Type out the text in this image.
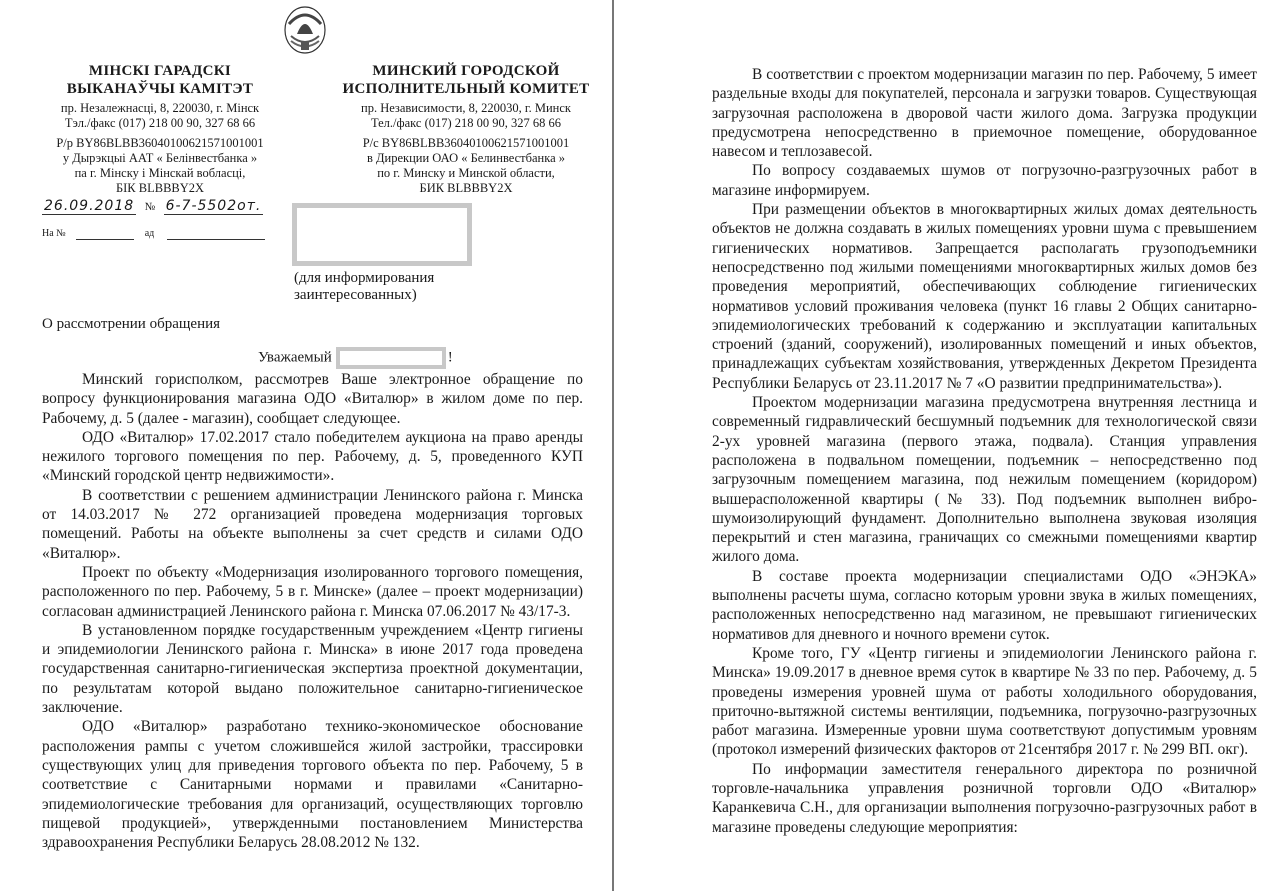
МІНСКІ ГАРАДСКІ
ВЫКАНАЎЧЫ КАМІТЭТ
пр. Незалежнасці, 8, 220030, г. Мінск
Тэл./факс (017) 218 00 90, 327 68 66
Р/р BY86BLBB36040100621571001001
у Дырэкцыі ААТ « Белінвестбанка »
па г. Мінску і Мінскай вобласці,
БІК BLBBBY2X
МИНСКИЙ ГОРОДСКОЙ
ИСПОЛНИТЕЛЬНЫЙ КОМИТЕТ
пр. Независимости, 8, 220030, г. Минск
Тел./факс (017) 218 00 90, 327 68 66
Р/с BY86BLBB36040100621571001001
в Дирекции ОАО « Белинвестбанка »
по г. Минску и Минской области,
БИК BLBBBY2X
26.09.2018 № 6-7-5502от.
На №	ад
(для информирования
заинтересованных)
О рассмотрении обращения
Уважаемый	!

Минский горисполком, рассмотрев Ваше электронное обращение по вопросу функционирования магазина ОДО «Виталюр» в жилом доме по пер. Рабочему, д. 5 (далее - магазин), сообщает следующее.

ОДО «Виталюр» 17.02.2017 стало победителем аукциона на право аренды нежилого торгового помещения по пер. Рабочему, д. 5, проведенного КУП «Минский городской центр недвижимости».

В соответствии с решением администрации Ленинского района г. Минска от 14.03.2017 № 272 организацией проведена модернизация торговых помещений. Работы на объекте выполнены за счет средств и силами ОДО «Виталюр».

Проект по объекту «Модернизация изолированного торгового помещения, расположенного по пер. Рабочему, 5 в г. Минске» (далее – проект модернизации) согласован администрацией Ленинского района г. Минска 07.06.2017 № 43/17-3.

В установленном порядке государственным учреждением «Центр гигиены и эпидемиологии Ленинского района г. Минска» в июне 2017 года проведена государственная санитарно-гигиеническая экспертиза проектной документации, по результатам которой выдано положительное санитарно-гигиеническое заключение.

ОДО «Виталюр» разработано технико-экономическое обоснование расположения рампы с учетом сложившейся жилой застройки, трассировки существующих улиц для приведения торгового объекта по пер. Рабочему, 5 в соответствие с Санитарными нормами и правилами «Санитарно-эпидемиологические требования для организаций, осуществляющих торговлю пищевой продукцией», утвержденными постановлением Министерства здравоохранения Республики Беларусь 28.08.2012 № 132.

В соответствии с проектом модернизации магазин по пер. Рабочему, 5 имеет раздельные входы для покупателей, персонала и загрузки товаров. Существующая загрузочная расположена в дворовой части жилого дома. Загрузка продукции предусмотрена непосредственно в приемочное помещение, оборудованное навесом и теплозавесой.

По вопросу создаваемых шумов от погрузочно-разгрузочных работ в магазине информируем.

При размещении объектов в многоквартирных жилых домах деятельность объектов не должна создавать в жилых помещениях уровни шума с превышением гигиенических нормативов. Запрещается располагать грузоподъемники непосредственно под жилыми помещениями многоквартирных жилых домов без проведения мероприятий, обеспечивающих соблюдение гигиенических нормативов условий проживания человека (пункт 16 главы 2 Общих санитарно-эпидемиологических требований к содержанию и эксплуатации капитальных строений (зданий, сооружений), изолированных помещений и иных объектов, принадлежащих субъектам хозяйствования, утвержденных Декретом Президента Республики Беларусь от 23.11.2017 № 7 «О развитии предпринимательства»).

Проектом модернизации магазина предусмотрена внутренняя лестница и современный гидравлический бесшумный подъемник для технологической связи 2-ух уровней магазина (первого этажа, подвала). Станция управления расположена в подвальном помещении, подъемник – непосредственно под загрузочным помещением магазина, под нежилым помещением (коридором) вышерасположенной квартиры (№ 33). Под подъемник выполнен вибро-шумоизолирующий фундамент. Дополнительно выполнена звуковая изоляция перекрытий и стен магазина, граничащих со смежными помещениями квартир жилого дома.

В составе проекта модернизации специалистами ОДО «ЭНЭКА» выполнены расчеты шума, согласно которым уровни звука в жилых помещениях, расположенных непосредственно над магазином, не превышают гигиенических нормативов для дневного и ночного времени суток.

Кроме того, ГУ «Центр гигиены и эпидемиологии Ленинского района г. Минска» 19.09.2017 в дневное время суток в квартире № 33 по пер. Рабочему, д. 5 проведены измерения уровней шума от работы холодильного оборудования, приточно-вытяжной системы вентиляции, подъемника, погрузочно-разгрузочных работ магазина. Измеренные уровни шума соответствуют допустимым уровням (протокол измерений физических факторов от 21сентября 2017 г. № 299 ВП. окг).

По информации заместителя генерального директора по розничной торговле-начальника управления розничной торговли ОДО «Виталюр» Каранкевича С.Н., для организации выполнения погрузочно-разгрузочных работ в магазине проведены следующие мероприятия:
